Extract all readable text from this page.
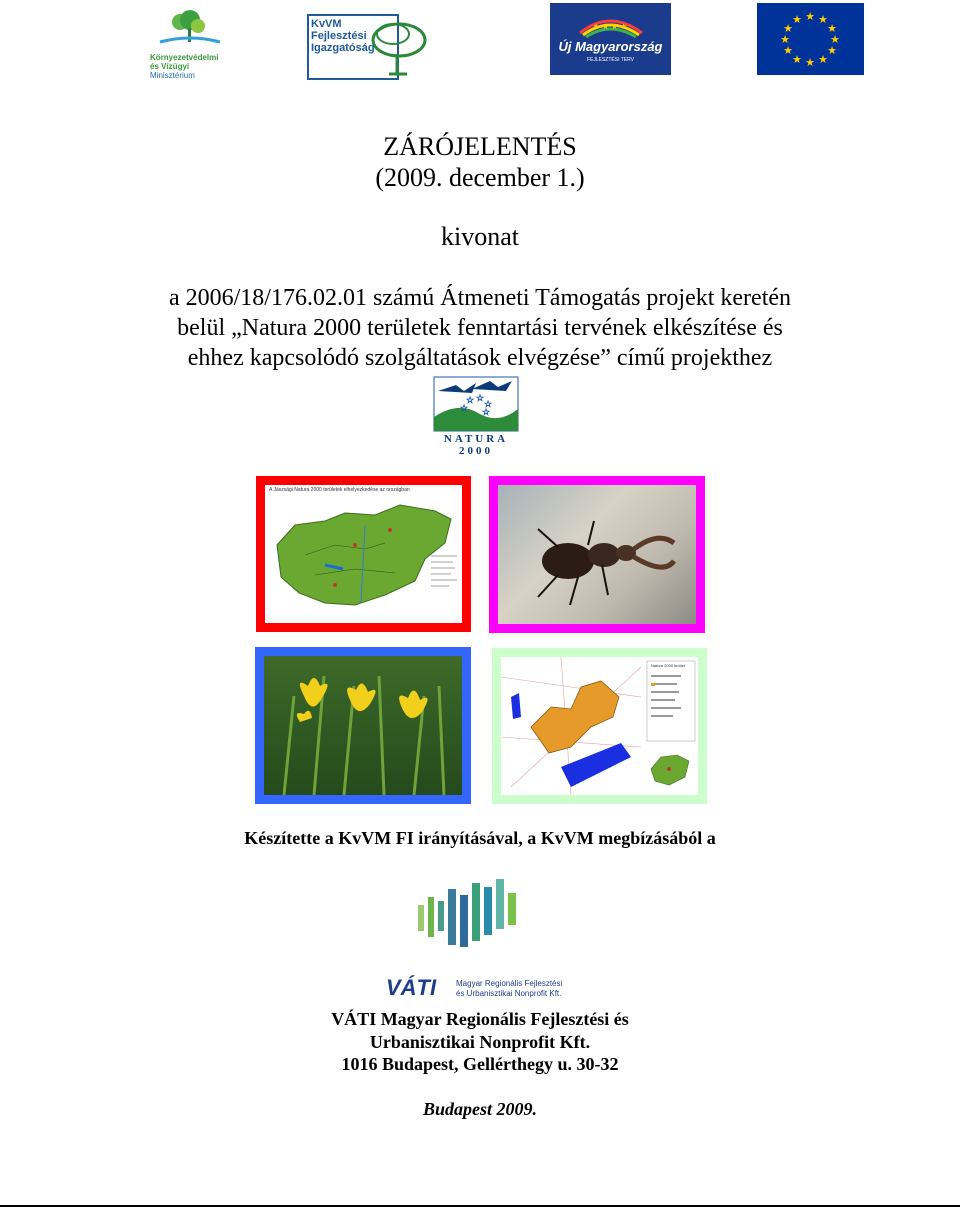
Környezetvédelmi
és Vízügyi
Minisztérium
KvVM
Fejlesztési
Igazgatóság
★ ★ ★ ★
Új Magyarország
FEJLESZTÉSI TERV
★ ★
★
★
★
★
★
★
★
★
★
★
ZÁRÓJELENTÉS
(2009. december 1.)
kivonat
a 2006/18/176.02.01 számú Átmeneti Támogatás projekt keretén
belül „Natura 2000 területek fenntartási tervének elkészítése és
ehhez kapcsolódó szolgáltatások elvégzése” című projekthez
☆ ☆
☆
☆ ☆
NATURA 2000
A Jászsági Natura 2000 területek elhelyezkedése az országban
Natura 2000 terület
Készítette a KvVM FI irányításával, a KvVM megbízásából a
VÁTI Magyar Regionális Fejlesztési
és Urbanisztikai Nonprofit Kft.
VÁTI Magyar Regionális Fejlesztési és
Urbanisztikai Nonprofit Kft.
1016 Budapest, Gellérthegy u. 30-32
Budapest 2009.
